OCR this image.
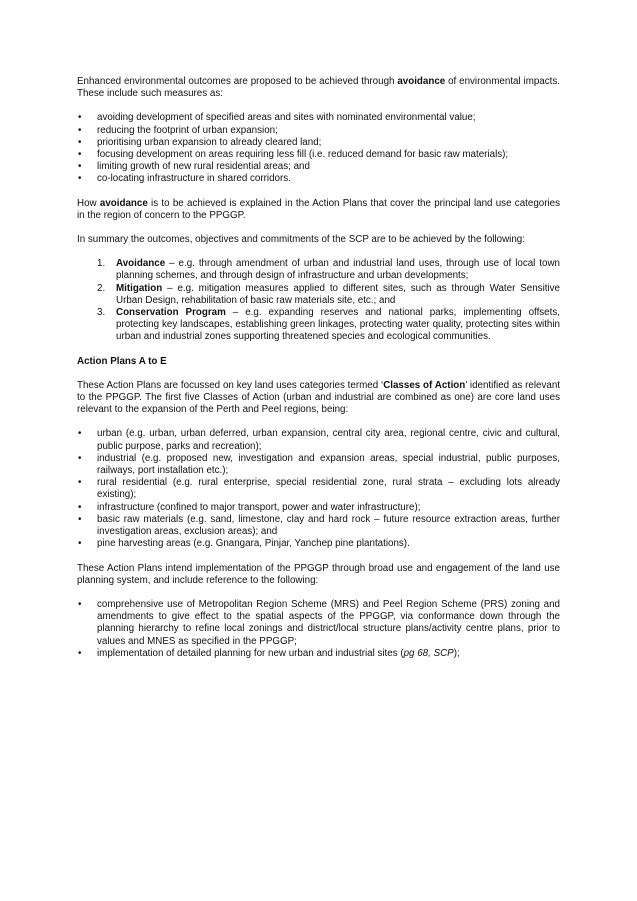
Enhanced environmental outcomes are proposed to be achieved through avoidance of environmental impacts. These include such measures as:

• avoiding development of specified areas and sites with nominated environmental value;
• reducing the footprint of urban expansion;
• prioritising urban expansion to already cleared land;
• focusing development on areas requiring less fill (i.e. reduced demand for basic raw materials);
• limiting growth of new rural residential areas; and
• co-locating infrastructure in shared corridors.

How avoidance is to be achieved is explained in the Action Plans that cover the principal land use categories in the region of concern to the PPGGP.

In summary the outcomes, objectives and commitments of the SCP are to be achieved by the following:

1. Avoidance – e.g. through amendment of urban and industrial land uses, through use of local town planning schemes, and through design of infrastructure and urban developments;
2. Mitigation – e.g. mitigation measures applied to different sites, such as through Water Sensitive Urban Design, rehabilitation of basic raw materials site, etc.; and
3. Conservation Program – e.g. expanding reserves and national parks, implementing offsets, protecting key landscapes, establishing green linkages, protecting water quality, protecting sites within urban and industrial zones supporting threatened species and ecological communities.

Action Plans A to E

These Action Plans are focussed on key land uses categories termed ‘Classes of Action’ identified as relevant to the PPGGP. The first five Classes of Action (urban and industrial are combined as one) are core land uses relevant to the expansion of the Perth and Peel regions, being:

• urban (e.g. urban, urban deferred, urban expansion, central city area, regional centre, civic and cultural, public purpose, parks and recreation);
• industrial (e.g. proposed new, investigation and expansion areas, special industrial, public purposes, railways, port installation etc.);
• rural residential (e.g. rural enterprise, special residential zone, rural strata – excluding lots already existing);
• infrastructure (confined to major transport, power and water infrastructure);
• basic raw materials (e.g. sand, limestone, clay and hard rock – future resource extraction areas, further investigation areas, exclusion areas); and
• pine harvesting areas (e.g. Gnangara, Pinjar, Yanchep pine plantations).

These Action Plans intend implementation of the PPGGP through broad use and engagement of the land use planning system, and include reference to the following:

• comprehensive use of Metropolitan Region Scheme (MRS) and Peel Region Scheme (PRS) zoning and amendments to give effect to the spatial aspects of the PPGGP, via conformance down through the planning hierarchy to refine local zonings and district/local structure plans/activity centre plans, prior to values and MNES as specified in the PPGGP;
• implementation of detailed planning for new urban and industrial sites (pg 68, SCP);
